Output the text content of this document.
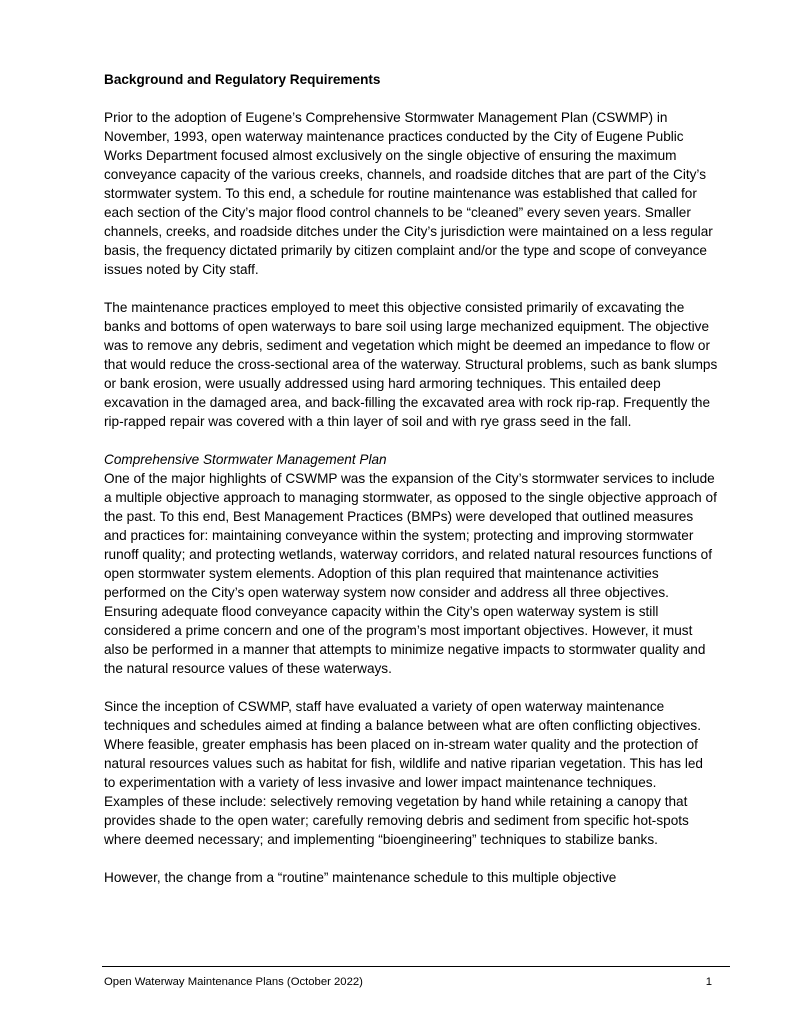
Background and Regulatory Requirements

Prior to the adoption of Eugene’s Comprehensive Stormwater Management Plan (CSWMP) in November, 1993, open waterway maintenance practices conducted by the City of Eugene Public Works Department focused almost exclusively on the single objective of ensuring the maximum conveyance capacity of the various creeks, channels, and roadside ditches that are part of the City’s stormwater system. To this end, a schedule for routine maintenance was established that called for each section of the City’s major flood control channels to be “cleaned” every seven years. Smaller channels, creeks, and roadside ditches under the City’s jurisdiction were maintained on a less regular basis, the frequency dictated primarily by citizen complaint and/or the type and scope of conveyance issues noted by City staff.

The maintenance practices employed to meet this objective consisted primarily of excavating the banks and bottoms of open waterways to bare soil using large mechanized equipment. The objective was to remove any debris, sediment and vegetation which might be deemed an impedance to flow or that would reduce the cross-sectional area of the waterway. Structural problems, such as bank slumps or bank erosion, were usually addressed using hard armoring techniques. This entailed deep excavation in the damaged area, and back-filling the excavated area with rock rip-rap. Frequently the rip-rapped repair was covered with a thin layer of soil and with rye grass seed in the fall.

Comprehensive Stormwater Management Plan

One of the major highlights of CSWMP was the expansion of the City’s stormwater services to include a multiple objective approach to managing stormwater, as opposed to the single objective approach of the past. To this end, Best Management Practices (BMPs) were developed that outlined measures and practices for: maintaining conveyance within the system; protecting and improving stormwater runoff quality; and protecting wetlands, waterway corridors, and related natural resources functions of open stormwater system elements. Adoption of this plan required that maintenance activities performed on the City’s open waterway system now consider and address all three objectives. Ensuring adequate flood conveyance capacity within the City’s open waterway system is still considered a prime concern and one of the program’s most important objectives. However, it must also be performed in a manner that attempts to minimize negative impacts to stormwater quality and the natural resource values of these waterways.

Since the inception of CSWMP, staff have evaluated a variety of open waterway maintenance techniques and schedules aimed at finding a balance between what are often conflicting objectives. Where feasible, greater emphasis has been placed on in-stream water quality and the protection of natural resources values such as habitat for fish, wildlife and native riparian vegetation. This has led to experimentation with a variety of less invasive and lower impact maintenance techniques. Examples of these include: selectively removing vegetation by hand while retaining a canopy that provides shade to the open water; carefully removing debris and sediment from specific hot-spots where deemed necessary; and implementing “bioengineering” techniques to stabilize banks.

However, the change from a “routine” maintenance schedule to this multiple objective

Open Waterway Maintenance Plans (October 2022)	1
